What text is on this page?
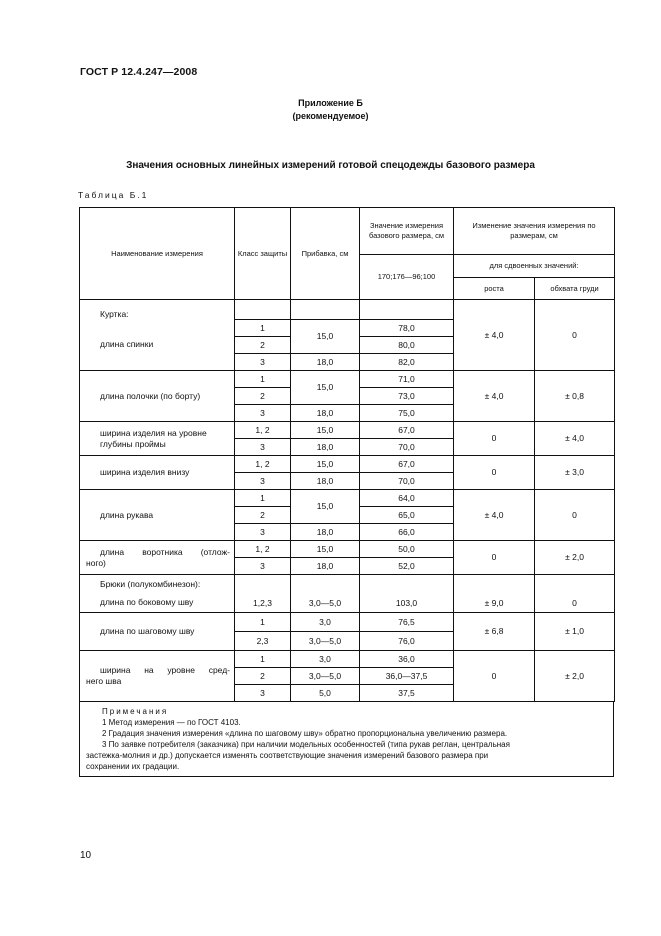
ГОСТ Р 12.4.247—2008
Приложение Б
(рекомендуемое)
Значения основных линейных измерений готовой спецодежды базового размера
Таблица Б.1
Наименование измерения	Класс защиты	Прибавка, см	Значение измерения базового размера, см	Изменение значения измерения по размерам, см	
			170;176—96;100	для сдвоенных значений:	
				роста	обхвата груди
Куртка:				± 4,0	0
длина спинки	1	15,0	78,0		
	2		80,0		
	3	18,0	82,0		
длина полочки (по борту)	1	15,0	71,0	± 4,0	± 0,8
	2		73,0		
	3	18,0	75,0		
ширина изделия на уровне глубины проймы	1, 2	15,0	67,0	0	± 4,0
	3	18,0	70,0		
ширина изделия внизу	1, 2	15,0	67,0	0	± 3,0
	3	18,0	70,0		
длина рукава	1	15,0	64,0	± 4,0	0
	2		65,0		
	3	18,0	66,0		

длина воротника (отлож-
ного)	1, 2	15,0	50,0	0	± 2,0
	3	18,0	52,0		

Брюки (полукомбинезон):
длина по боковому шву	1,2,3	3,0—5,0	103,0	± 9,0	0
длина по шаговому шву	1	3,0	76,5	± 6,8	± 1,0
	2,3	3,0—5,0	76,0		

ширина на уровне сред-
него шва	1	3,0	36,0	0	± 2,0
	2	3,0—5,0	36,0—37,5		
	3	5,0	37,5		
Примечания
1 Метод измерения — по ГОСТ 4103.
2 Градация значения измерения «длина по шаговому шву» обратно пропорциональна увеличению размера.
3 По заявке потребителя (заказчика) при наличии модельных особенностей (типа рукав реглан, центральная
застежка-молния и др.) допускается изменять соответствующие значения измерений базового размера при
сохранении их градации.
10
